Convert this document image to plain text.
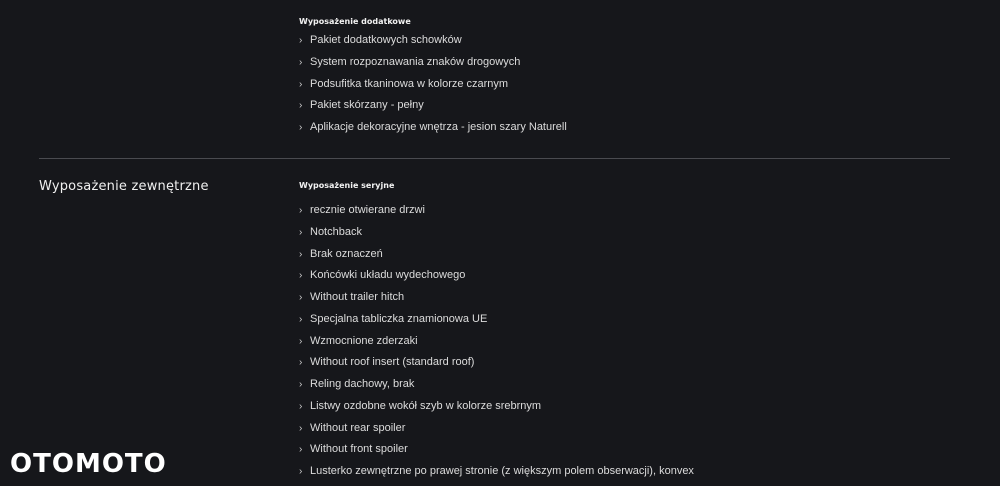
Wyposażenie dodatkowe
› Pakiet dodatkowych schowków
› System rozpoznawania znaków drogowych
› Podsufitka tkaninowa w kolorze czarnym
› Pakiet skórzany - pełny
› Aplikacje dekoracyjne wnętrza - jesion szary Naturell
Wyposażenie zewnętrzne	Wyposażenie seryjne
› recznie otwierane drzwi
› Notchback
› Brak oznaczeń
› Końcówki układu wydechowego
› Without trailer hitch
› Specjalna tabliczka znamionowa UE
› Wzmocnione zderzaki
› Without roof insert (standard roof)
› Reling dachowy, brak
› Listwy ozdobne wokół szyb w kolorze srebrnym
› Without rear spoiler
› Without front spoiler
› Lusterko zewnętrzne po prawej stronie (z większym polem obserwacji), konvex
OTOMOTO
